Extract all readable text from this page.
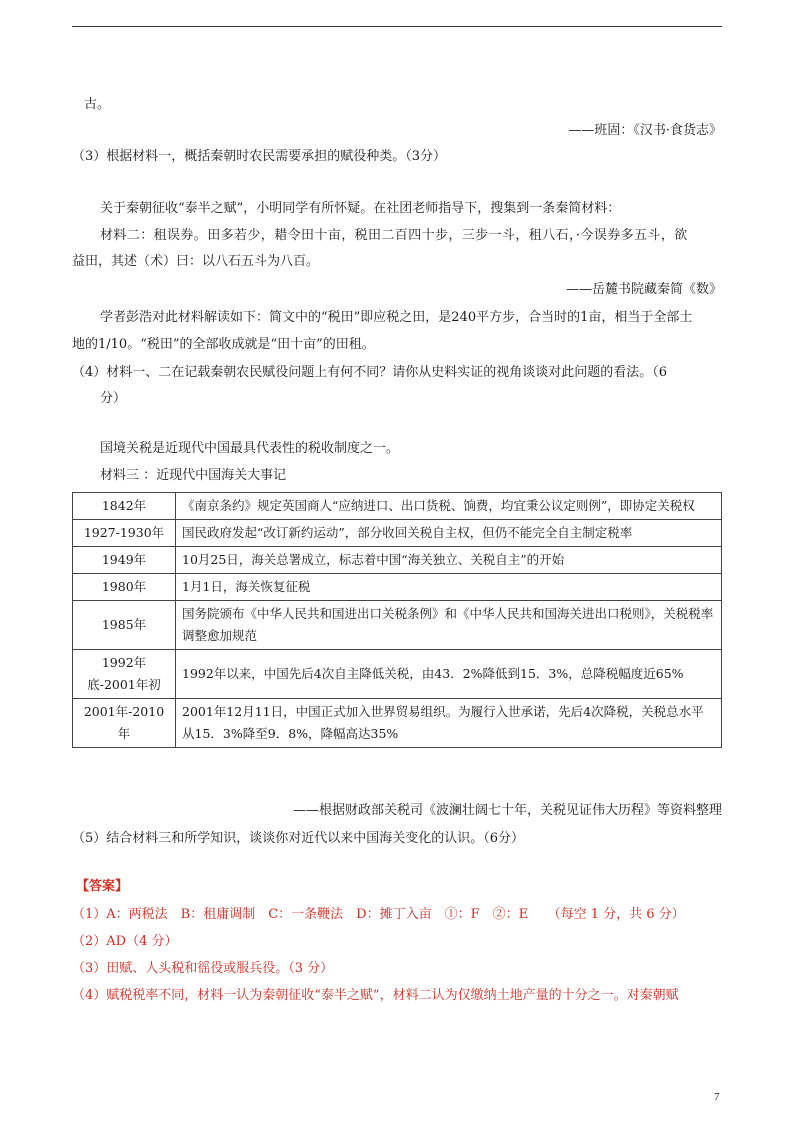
古。
——班固：《汉书·食货志》
（3）根据材料一，概括秦朝时农民需要承担的赋役种类。（3分）
关于秦朝征收“泰半之赋”，小明同学有所怀疑。在社团老师指导下，搜集到一条秦简材料：
材料二：租误券。田多若少，耤令田十亩，税田二百四十步，三步一斗，租八石，·今误券多五斗，欲
益田，其述（术）曰：以八石五斗为八百。
——岳麓书院藏秦简《数》
学者彭浩对此材料解读如下：简文中的“税田”即应税之田，是240平方步，合当时的1亩，相当于全部土
地的1/10。“税田”的全部收成就是“田十亩”的田租。
（4）材料一、二在记载秦朝农民赋役问题上有何不同？请你从史料实证的视角谈谈对此问题的看法。（6
分）
国境关税是近现代中国最具代表性的税收制度之一。
材料三 ：近现代中国海关大事记
1842年	《南京条约》规定英国商人“应纳进口、出口货税、饷费，均宜秉公议定则例”，即协定关税权
1927-1930年	国民政府发起“改订新约运动”，部分收回关税自主权，但仍不能完全自主制定税率
1949年	10月25日，海关总署成立，标志着中国“海关独立、关税自主”的开始
1980年	1月1日，海关恢复征税
1985年	国务院颁布《中华人民共和国进出口关税条例》和《中华人民共和国海关进出口税则》，关税税率调整愈加规范
1992年底-2001年初	1992年以来，中国先后4次自主降低关税，由43．2%降低到15．3%，总降税幅度近65%
2001年-2010年	2001年12月11日，中国正式加入世界贸易组织。为履行入世承诺，先后4次降税，关税总水平从15．3%降至9．8%，降幅高达35%
——根据财政部关税司《波澜壮阔七十年，关税见证伟大历程》等资料整理
（5）结合材料三和所学知识，谈谈你对近代以来中国海关变化的认识。（6分）
【答案】
（1）A：两税法　B：租庸调制　C：一条鞭法　D：摊丁入亩　①：F　②：E　　（每空 1 分，共 6 分）
（2）AD（4 分）
（3）田赋、人头税和徭役或服兵役。（3 分）
（4）赋税税率不同，材料一认为秦朝征收“泰半之赋”，材料二认为仅缴纳土地产量的十分之一。对秦朝赋
7
